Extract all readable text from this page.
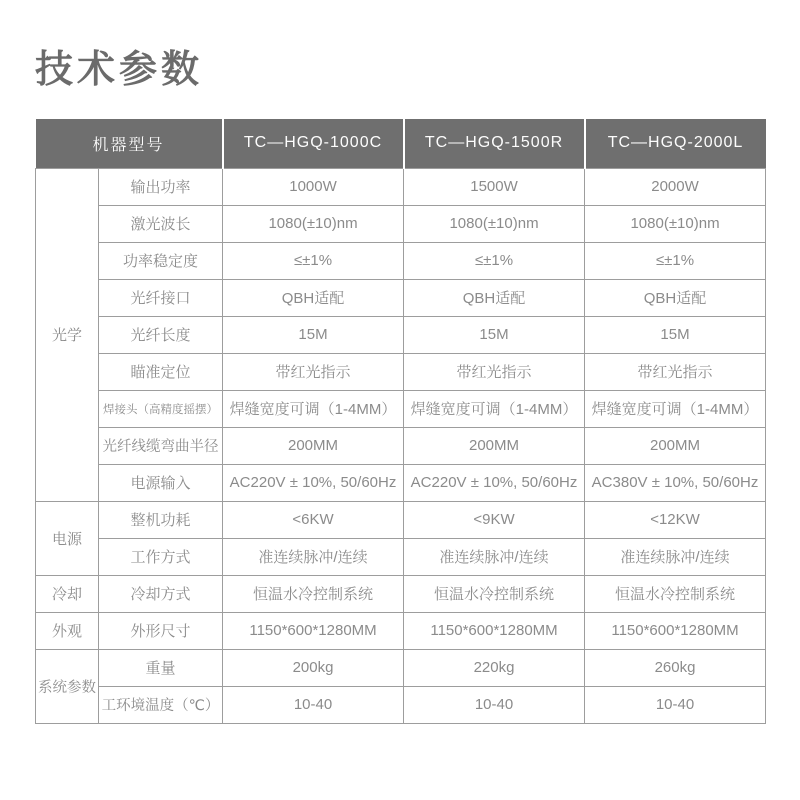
技术参数
机器型号		TC—HGQ-1000C	TC—HGQ-1500R	TC—HGQ-2000L
光学	输出功率	1000W	1500W	2000W
	激光波长	1080(±10)nm	1080(±10)nm	1080(±10)nm
	功率稳定度	≤±1%	≤±1%	≤±1%
	光纤接口	QBH适配	QBH适配	QBH适配
	光纤长度	15M	15M	15M
	瞄准定位	带红光指示	带红光指示	带红光指示
	焊接头（高精度摇摆）	焊缝宽度可调（1-4MM）	焊缝宽度可调（1-4MM）	焊缝宽度可调（1-4MM）
	光纤线缆弯曲半径	200MM	200MM	200MM
	电源输入	AC220V ± 10%, 50/60Hz	AC220V ± 10%, 50/60Hz	AC380V ± 10%, 50/60Hz
电源	整机功耗	<6KW	<9KW	<12KW
	工作方式	准连续脉冲/连续	准连续脉冲/连续	准连续脉冲/连续
冷却	冷却方式	恒温水冷控制系统	恒温水冷控制系统	恒温水冷控制系统
外观	外形尺寸	1150*600*1280MM	1150*600*1280MM	1150*600*1280MM
系统参数	重量	200kg	220kg	260kg
	工环境温度（℃）	10-40	10-40	10-40
